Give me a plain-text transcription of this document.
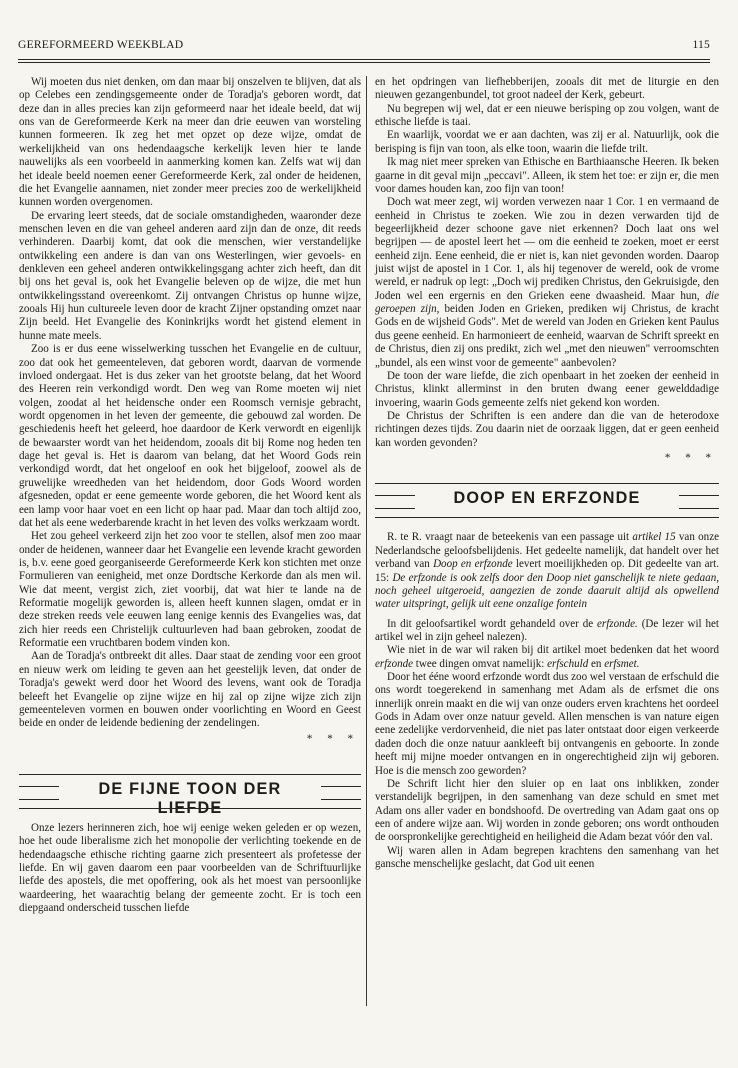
GEREFORMEERD WEEKBLAD	115

Wij moeten dus niet denken, om dan maar bij onszelven te blijven, dat als op Celebes een zendingsgemeente onder de Toradja's geboren wordt, dat deze dan in alles precies kan zijn geformeerd naar het ideale beeld, dat wij ons van de Gereformeerde Kerk na meer dan drie eeuwen van worsteling kunnen formeeren. Ik zeg het met opzet op deze wijze, omdat de werkelijkheid van ons hedendaagsche kerkelijk leven hier te lande nauwelijks als een voorbeeld in aanmerking komen kan. Zelfs wat wij dan het ideale beeld noemen eener Gereformeerde Kerk, zal onder de heidenen, die het Evangelie aannamen, niet zonder meer precies zoo de werkelijkheid kunnen worden overgenomen.

De ervaring leert steeds, dat de sociale omstandigheden, waaronder deze menschen leven en die van geheel anderen aard zijn dan de onze, dit reeds verhinderen. Daarbij komt, dat ook die menschen, wier verstandelijke ontwikkeling een andere is dan van ons Westerlingen, wier gevoels- en denkleven een geheel anderen ontwikkelingsgang achter zich heeft, dan dit bij ons het geval is, ook het Evangelie beleven op de wijze, die met hun ontwikkelingsstand overeenkomt. Zij ontvangen Christus op hunne wijze, zooals Hij hun cultureele leven door de kracht Zijner opstanding omzet naar Zijn beeld. Het Evangelie des Koninkrijks wordt het gistend element in hunne mate meels.

Zoo is er dus eene wisselwerking tusschen het Evangelie en de cultuur, zoo dat ook het gemeenteleven, dat geboren wordt, daarvan de vormende invloed ondergaat. Het is dus zeker van het grootste belang, dat het Woord des Heeren rein verkondigd wordt. Den weg van Rome moeten wij niet volgen, zoodat al het heidensche onder een Roomsch vernisje gebracht, wordt opgenomen in het leven der gemeente, die gebouwd zal worden. De geschiedenis heeft het geleerd, hoe daardoor de Kerk verwordt en eigenlijk de bewaarster wordt van het heidendom, zooals dit bij Rome nog heden ten dage het geval is. Het is daarom van belang, dat het Woord Gods rein verkondigd wordt, dat het ongeloof en ook het bijgeloof, zoowel als de gruwelijke wreedheden van het heidendom, door Gods Woord worden afgesneden, opdat er eene gemeente worde geboren, die het Woord kent als een lamp voor haar voet en een licht op haar pad. Maar dan toch altijd zoo, dat het als eene wederbarende kracht in het leven des volks werkzaam wordt.

Het zou geheel verkeerd zijn het zoo voor te stellen, alsof men zoo maar onder de heidenen, wanneer daar het Evangelie een levende kracht geworden is, b.v. eene goed georganiseerde Gereformeerde Kerk kon stichten met onze Formulieren van eenigheid, met onze Dordtsche Kerkorde dan als men wil. Wie dat meent, vergist zich, ziet voorbij, dat wat hier te lande na de Reformatie mogelijk geworden is, alleen heeft kunnen slagen, omdat er in deze streken reeds vele eeuwen lang eenige kennis des Evangelies was, dat zich hier reeds een Christelijk cultuurleven had baan gebroken, zoodat de Reformatie een vruchtbaren bodem vinden kon.

Aan de Toradja's ontbreekt dit alles. Daar staat de zending voor een groot en nieuw werk om leiding te geven aan het geestelijk leven, dat onder de Toradja's gewekt werd door het Woord des levens, want ook de Toradja beleeft het Evangelie op zijne wijze en hij zal op zijne wijze zich zijn gemeenteleven vormen en bouwen onder voorlichting en Woord en Geest beide en onder de leidende bediening der zendelingen.

* * *

DE FIJNE TOON DER LIEFDE

Onze lezers herinneren zich, hoe wij eenige weken geleden er op wezen, hoe het oude liberalisme zich het monopolie der verlichting toekende en de hedendaagsche ethische richting gaarne zich presenteert als profetesse der liefde. En wij gaven daarom een paar voorbeelden van de Schriftuurlijke liefde des apostels, die met opoffering, ook als het moest van persoonlijke waardeering, het waarachtig belang der gemeente zocht. Er is toch een diepgaand onderscheid tusschen liefde

en het opdringen van liefhebberijen, zooals dit met de liturgie en den nieuwen gezangenbundel, tot groot nadeel der Kerk, gebeurt.

Nu begrepen wij wel, dat er een nieuwe berisping op zou volgen, want de ethische liefde is taai.

En waarlijk, voordat we er aan dachten, was zij er al. Natuurlijk, ook die berisping is fijn van toon, als elke toon, waarin die liefde trilt.

Ik mag niet meer spreken van Ethische en Barthiaansche Heeren. Ik beken gaarne in dit geval mijn „peccavi". Alleen, ik stem het toe: er zijn er, die men voor dames houden kan, zoo fijn van toon!

Doch wat meer zegt, wij worden verwezen naar 1 Cor. 1 en vermaand de eenheid in Christus te zoeken. Wie zou in dezen verwarden tijd de begeerlijkheid dezer schoone gave niet erkennen? Doch laat ons wel begrijpen — de apostel leert het — om die eenheid te zoeken, moet er eerst eenheid zijn. Eene eenheid, die er niet is, kan niet gevonden worden. Daarop juist wijst de apostel in 1 Cor. 1, als hij tegenover de wereld, ook de vrome wereld, er nadruk op legt: „Doch wij prediken Christus, den Gekruisigde, den Joden wel een ergernis en den Grieken eene dwaasheid. Maar hun, die geroepen zijn, beiden Joden en Grieken, prediken wij Christus, de kracht Gods en de wijsheid Gods". Met de wereld van Joden en Grieken kent Paulus dus geene eenheid. En harmonieert de eenheid, waarvan de Schrift spreekt en de Christus, dien zij ons predikt, zich wel „met den nieuwen" verroomschten „bundel, als een winst voor de gemeente" aanbevolen?

De toon der ware liefde, die zich openbaart in het zoeken der eenheid in Christus, klinkt allerminst in den bruten dwang eener gewelddadige invoering, waarin Gods gemeente zelfs niet gekend kon worden.

De Christus der Schriften is een andere dan die van de heterodoxe richtingen dezes tijds. Zou daarin niet de oorzaak liggen, dat er geen eenheid kan worden gevonden?

* * *

DOOP EN ERFZONDE

R. te R. vraagt naar de beteekenis van een passage uit artikel 15 van onze Nederlandsche geloofsbelijdenis. Het gedeelte namelijk, dat handelt over het verband van Doop en erfzonde levert moeilijkheden op. Dit gedeelte van art. 15: De erfzonde is ook zelfs door den Doop niet ganschelijk te niete gedaan, noch geheel uitgeroeid, aangezien de zonde daaruit altijd als opwellend water uitspringt, gelijk uit eene onzalige fontein

In dit geloofsartikel wordt gehandeld over de erfzonde. (De lezer wil het artikel wel in zijn geheel nalezen).

Wie niet in de war wil raken bij dit artikel moet bedenken dat het woord erfzonde twee dingen omvat namelijk: erfschuld en erfsmet.

Door het ééne woord erfzonde wordt dus zoo wel verstaan de erfschuld die ons wordt toegerekend in samenhang met Adam als de erfsmet die ons innerlijk onrein maakt en die wij van onze ouders erven krachtens het oordeel Gods in Adam over onze natuur geveld. Allen menschen is van nature eigen eene zedelijke verdorvenheid, die niet pas later ontstaat door eigen verkeerde daden doch die onze natuur aankleeft bij ontvangenis en geboorte. In zonde heeft mij mijne moeder ontvangen en in ongerechtigheid zijn wij geboren. Hoe is die mensch zoo geworden?

De Schrift licht hier den sluier op en laat ons inblikken, zonder verstandelijk begrijpen, in den samenhang van deze schuld en smet met Adam ons aller vader en bondshoofd. De overtreding van Adam gaat ons op een of andere wijze aan. Wij worden in zonde geboren; ons wordt onthouden de oorspronkelijke gerechtigheid en heiligheid die Adam bezat vóór den val.

Wij waren allen in Adam begrepen krachtens den samenhang van het gansche menschelijke geslacht, dat God uit eenen
